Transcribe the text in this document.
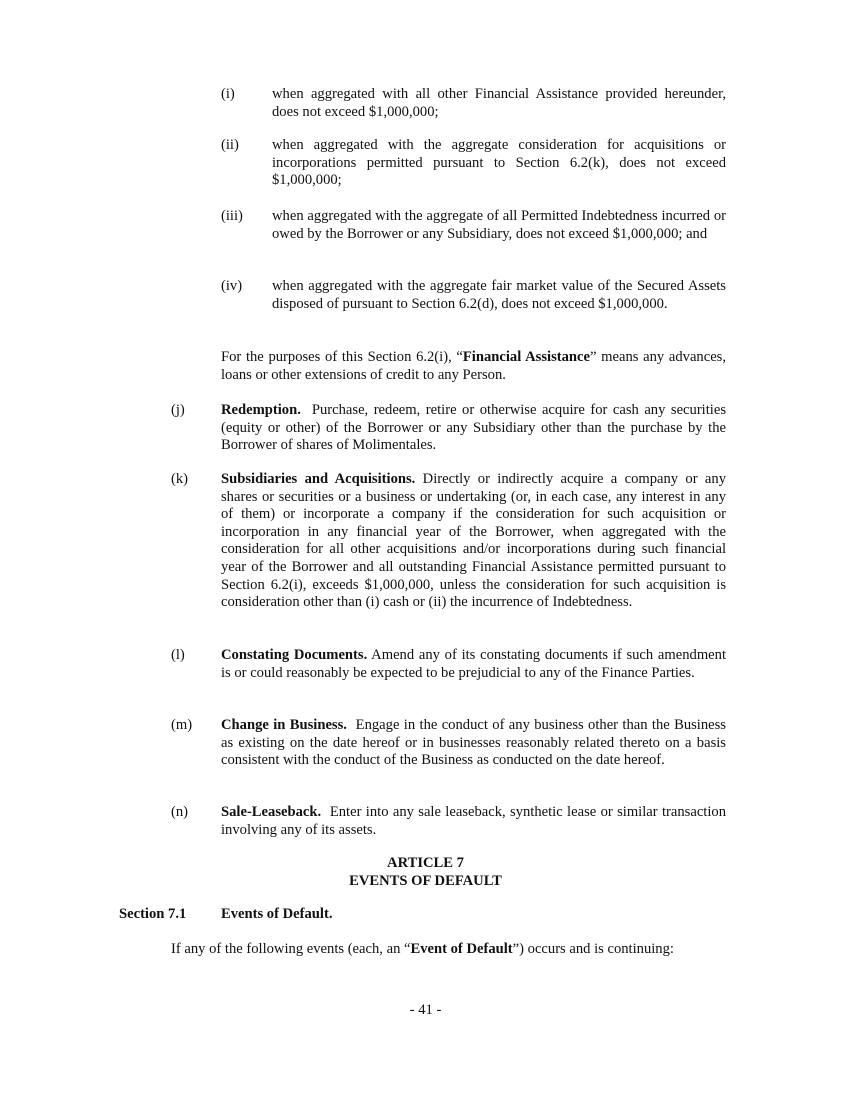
(i)	when aggregated with all other Financial Assistance provided hereunder, does not exceed $1,000,000;
(ii) when aggregated with the aggregate consideration for acquisitions or incorporations permitted pursuant to Section 6.2(k), does not exceed $1,000,000;
(iii) when aggregated with the aggregate of all Permitted Indebtedness incurred or owed by the Borrower or any Subsidiary, does not exceed $1,000,000; and
(iv) when aggregated with the aggregate fair market value of the Secured Assets disposed of pursuant to Section 6.2(d), does not exceed $1,000,000.
For the purposes of this Section 6.2(i), “Financial Assistance” means any advances, loans or other extensions of credit to any Person.
(j) Redemption. Purchase, redeem, retire or otherwise acquire for cash any securities (equity or other) of the Borrower or any Subsidiary other than the purchase by the Borrower of shares of Molimentales.
(k) Subsidiaries and Acquisitions. Directly or indirectly acquire a company or any shares or securities or a business or undertaking (or, in each case, any interest in any of them) or incorporate a company if the consideration for such acquisition or incorporation in any financial year of the Borrower, when aggregated with the consideration for all other acquisitions and/or incorporations during such financial year of the Borrower and all outstanding Financial Assistance permitted pursuant to Section 6.2(i), exceeds $1,000,000, unless the consideration for such acquisition is consideration other than (i) cash or (ii) the incurrence of Indebtedness.
(l) Constating Documents. Amend any of its constating documents if such amendment is or could reasonably be expected to be prejudicial to any of the Finance Parties.
(m) Change in Business. Engage in the conduct of any business other than the Business as existing on the date hereof or in businesses reasonably related thereto on a basis consistent with the conduct of the Business as conducted on the date hereof.
(n) Sale-Leaseback. Enter into any sale leaseback, synthetic lease or similar transaction involving any of its assets.
ARTICLE 7
EVENTS OF DEFAULT
Section 7.1 Events of Default.
If any of the following events (each, an “Event of Default”) occurs and is continuing:
- 41 -
